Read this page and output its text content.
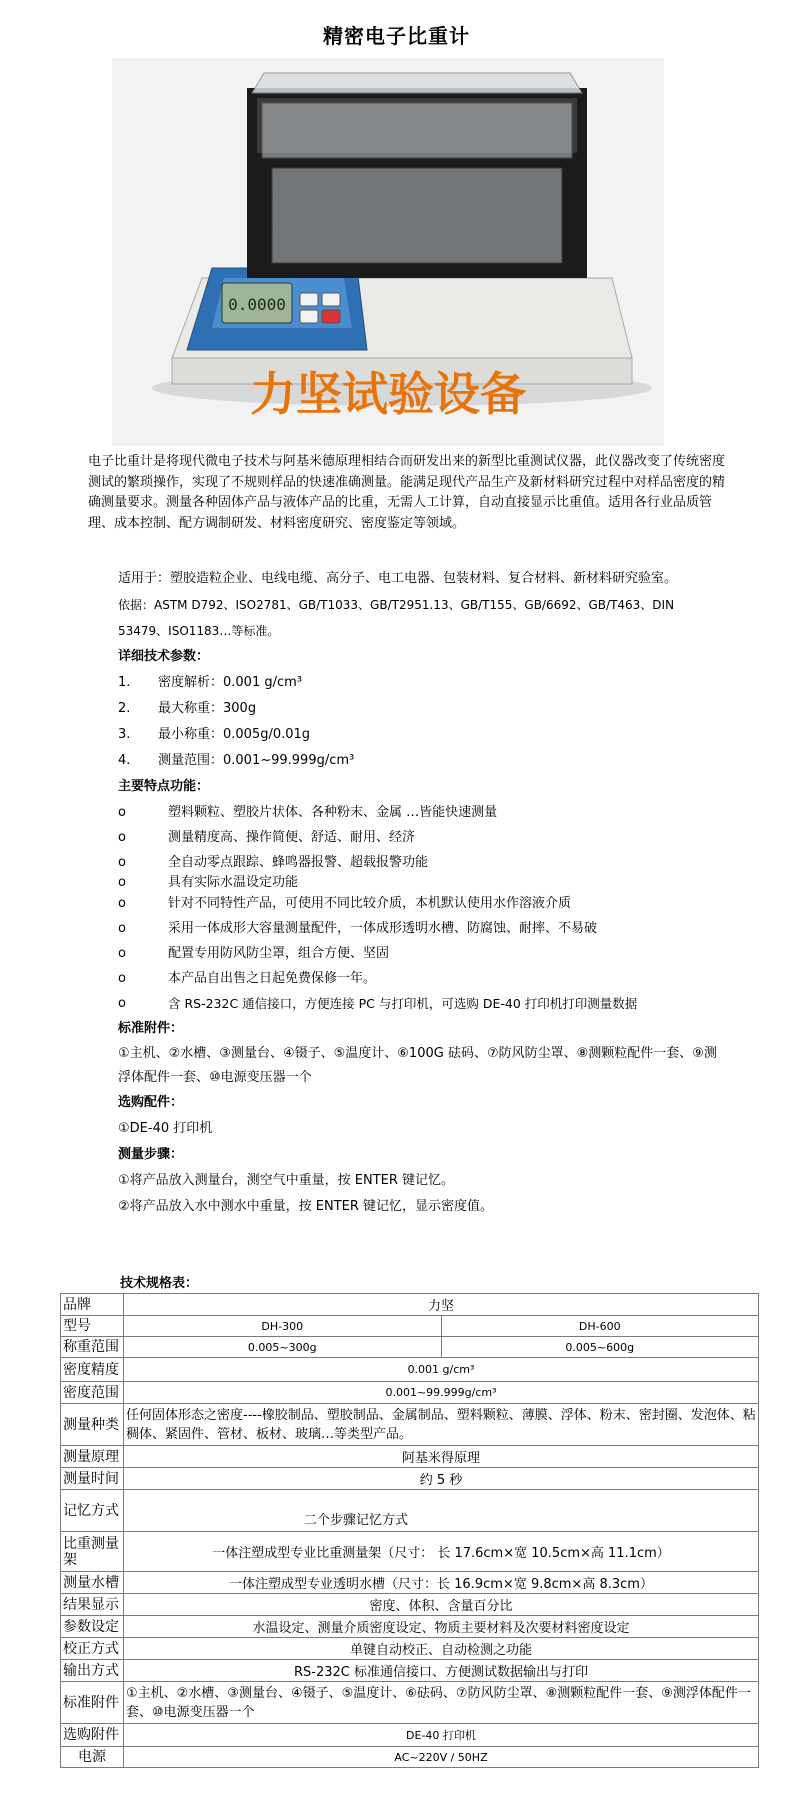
精密电子比重计
0.0000
力坚试验设备
电子比重计是将现代微电子技术与阿基米德原理相结合而研发出来的新型比重测试仪器，此仪器改变了传统密度测试的繁琐操作，实现了不规则样品的快速准确测量。能满足现代产品生产及新材料研究过程中对样品密度的精确测量要求。测量各种固体产品与液体产品的比重，无需人工计算，自动直接显示比重值。适用各行业品质管理、成本控制、配方调制研发、材料密度研究、密度鉴定等领域。
适用于：塑胶造粒企业、电线电缆、高分子、电工电器、包装材料、复合材料、新材料研究验室。
依据：ASTM D792、ISO2781、GB/T1033、GB/T2951.13、GB/T155、GB/6692、GB/T463、DIN 53479、ISO1183…等标准。
详细技术参数：
1.	密度解析：0.001 g/cm³
2.	最大称重：300g
3.	最小称重：0.005g/0.01g
4.	测量范围：0.001~99.999g/cm³
主要特点功能：
o	塑料颗粒、塑胶片状体、各种粉末、金属 …皆能快速测量
o	测量精度高、操作简便、舒适、耐用、经济
o	全自动零点跟踪、蜂鸣器报警、超载报警功能
o	具有实际水温设定功能
o	针对不同特性产品，可使用不同比较介质，本机默认使用水作溶液介质
o	采用一体成形大容量测量配件，一体成形透明水槽、防腐蚀、耐摔、不易破
o	配置专用防风防尘罩，组合方便、坚固
o	本产品自出售之日起免费保修一年。
o	含 RS-232C 通信接口，方便连接 PC 与打印机，可选购 DE-40 打印机打印测量数据
标准附件：
①主机、②水槽、③测量台、④镊子、⑤温度计、⑥100G 砝码、⑦防风防尘罩、⑧测颗粒配件一套、⑨测浮体配件一套、⑩电源变压器一个
选购配件：
①DE-40 打印机
测量步骤：
①将产品放入测量台，测空气中重量，按 ENTER 键记忆。
②将产品放入水中测水中重量，按 ENTER 键记忆，显示密度值。
技术规格表：
品牌	力坚	
型号	DH-300	DH-600
称重范围	0.005~300g	0.005~600g
密度精度	0.001 g/cm³	
密度范围	0.001~99.999g/cm³	
测量种类	任何固体形态之密度----橡胶制品、塑胶制品、金属制品、塑料颗粒、薄膜、浮体、粉末、密封圈、发泡体、粘稠体、紧固件、管材、板材、玻璃…等类型产品。	
测量原理	阿基米得原理	
测量时间	约 5 秒	
记忆方式	二个步骤记忆方式	
比重测量架	一体注塑成型专业比重测量架（尺寸： 长 17.6cm×宽 10.5cm×高 11.1cm）	
测量水槽	一体注塑成型专业透明水槽（尺寸：长 16.9cm×宽 9.8cm×高 8.3cm）	
结果显示	密度、体积、含量百分比	
参数设定	水温设定、测量介质密度设定、物质主要材料及次要材料密度设定	
校正方式	单键自动校正、自动检测之功能	
输出方式	RS-232C 标准通信接口、方便测试数据输出与打印	
标准附件	①主机、②水槽、③测量台、④镊子、⑤温度计、⑥砝码、⑦防风防尘罩、⑧测颗粒配件一套、⑨测浮体配件一套、⑩电源变压器一个	
选购附件	DE-40 打印机	
电源	AC~220V / 50HZ	
